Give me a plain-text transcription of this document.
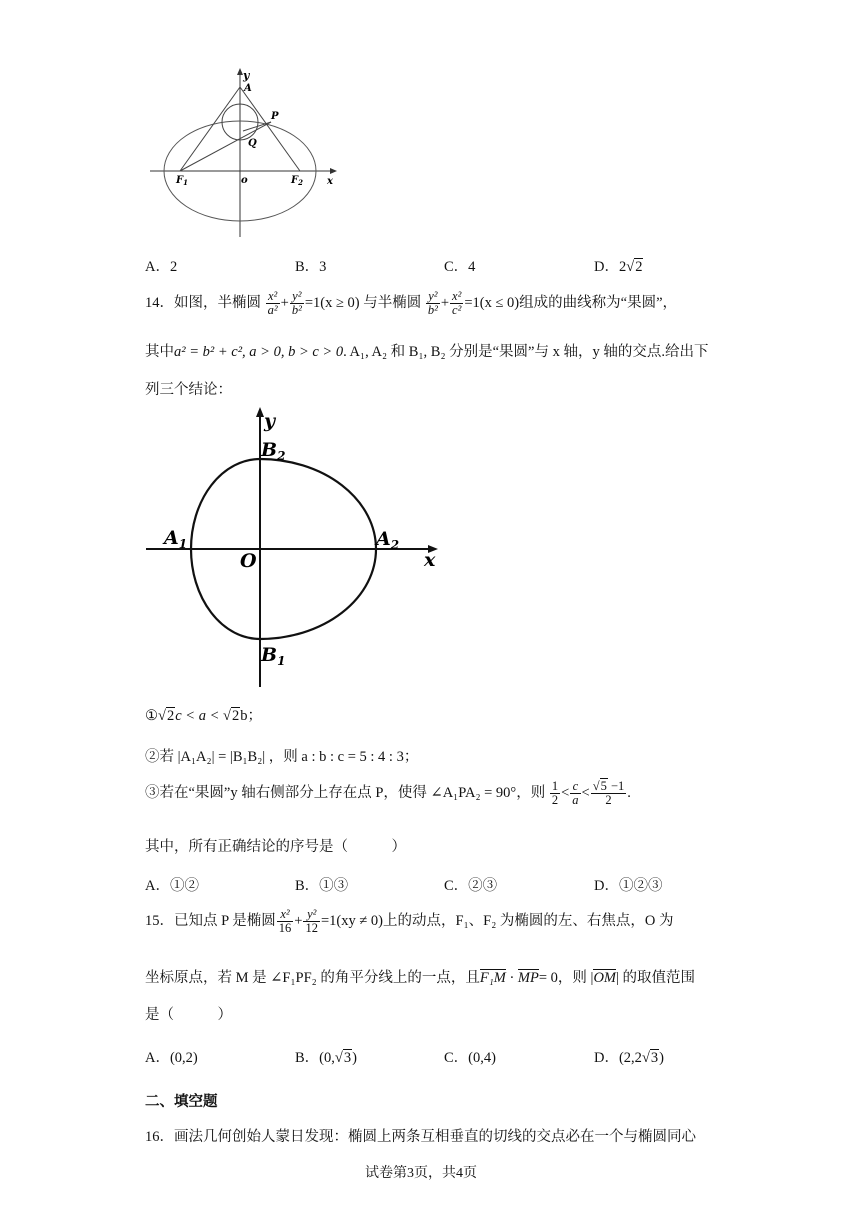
y
A
P
Q
$F_1$	o	$F_2$ x
A．2	B．3	C．4	D．2√2
14．如图，半椭圆 $\frac{\text{x²}}{\text{a²}} + \frac{\text{y²}}{\text{b²}} =1(x \ge 0)$ 与半椭圆 $\frac{\text{y²}}{\text{b²}} + \frac{\text{x²}}{\text{c²}} =1(x \le 0)$组成的曲线称为“果圆”，
其中a² = b² + c², a > 0, b > c > 0. A₁, A₂ 和 B₁, B₂ 分别是“果圆”与 x 轴，y 轴的交点.给出下
列三个结论：
y
$B_2$
$A_1$
O
$A_2$
x
$B_1$
①√2c < a < √2b；
②若 |A₁A₂| = |B₁B₂| ，则 a : b : c = 5 : 4 : 3；
③若在“果圆”y 轴右侧部分上存在点 P，使得 ∠A₁PA₂ = 90°，则 $\frac{1}{2} < \frac{c}{a} < \frac{√5 -1}{2}$ .
其中，所有正确结论的序号是（　　　）
A．①②	B．①③	C．②③	D．①②③
15．已知点 P 是椭圆 $\frac{\text{x²}}{16} + \frac{\text{y²}}{12} =1(xy \ne 0)$上的动点，F₁、F₂ 为椭圆的左、右焦点，O 为
坐标原点，若 M 是 ∠F₁PF₂ 的角平分线上的一点，且F₁M · MP= 0，则 |OM| 的取值范围
是（　　　）
A．(0,2)	B．(0,√3)	C．(0,4)	D．(2,2√3)
二、填空题
16．画法几何创始人蒙日发现：椭圆上两条互相垂直的切线的交点必在一个与椭圆同心
试卷第3页，共4页
